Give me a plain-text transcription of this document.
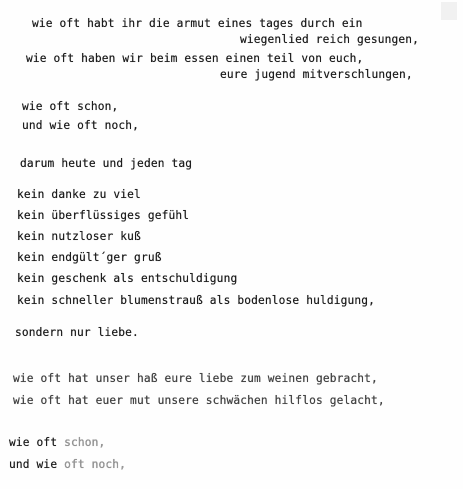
wie oft habt ihr die armut eines tages durch ein
wiegenlied reich gesungen,
wie oft haben wir beim essen einen teil von euch,
eure jugend mitverschlungen,
wie oft schon,
und wie oft noch,
darum heute und jeden tag
kein danke zu viel
kein überflüssiges gefühl
kein nutzloser kuß
kein endgült´ger gruß
kein geschenk als entschuldigung
kein schneller blumenstrauß als bodenlose huldigung,
sondern nur liebe.
wie oft hat unser haß eure liebe zum weinen gebracht,
wie oft hat euer mut unsere schwächen hilflos gelacht,
wie oft schon,
und wie oft noch,
